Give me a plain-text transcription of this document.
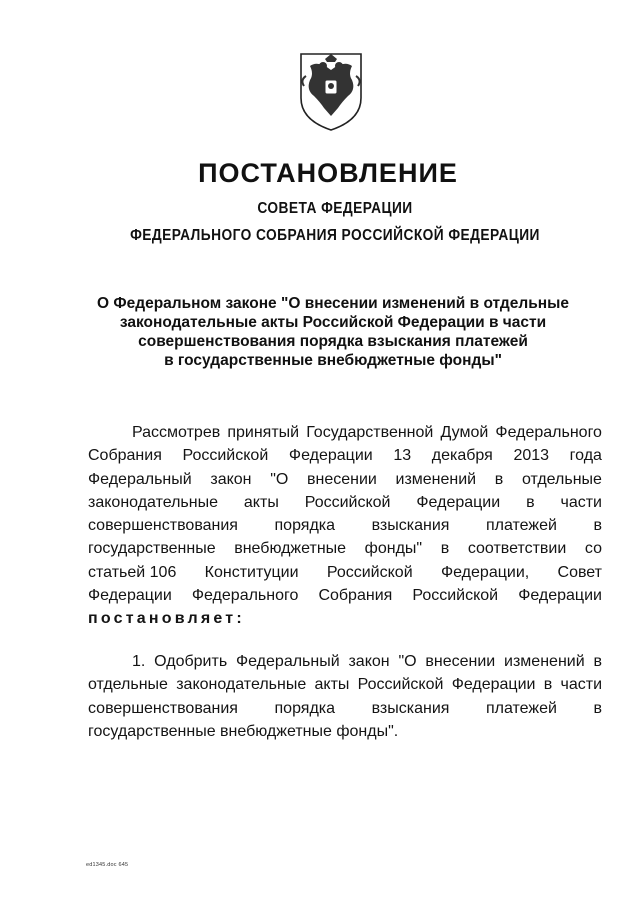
ПОСТАНОВЛЕНИЕ
СОВЕТА ФЕДЕРАЦИИ
ФЕДЕРАЛЬНОГО СОБРАНИЯ РОССИЙСКОЙ ФЕДЕРАЦИИ
О Федеральном законе "О внесении изменений в отдельные
законодательные акты Российской Федерации в части
совершенствования порядка взыскания платежей
в государственные внебюджетные фонды"
Рассмотрев принятый Государственной Думой Федерального
Собрания Российской Федерации 13 декабря 2013 года
Федеральный закон "О внесении изменений в отдельные
законодательные акты Российской Федерации в части
совершенствования порядка взыскания платежей в
государственные внебюджетные фонды" в соответствии со
статьей 106 Конституции Российской Федерации, Совет
Федерации Федерального Собрания Российской Федерации
постановляет:
1. Одобрить Федеральный закон "О внесении изменений в
отдельные законодательные акты Российской Федерации в части
совершенствования порядка взыскания платежей в
государственные внебюджетные фонды".
ed1345.doc 645
